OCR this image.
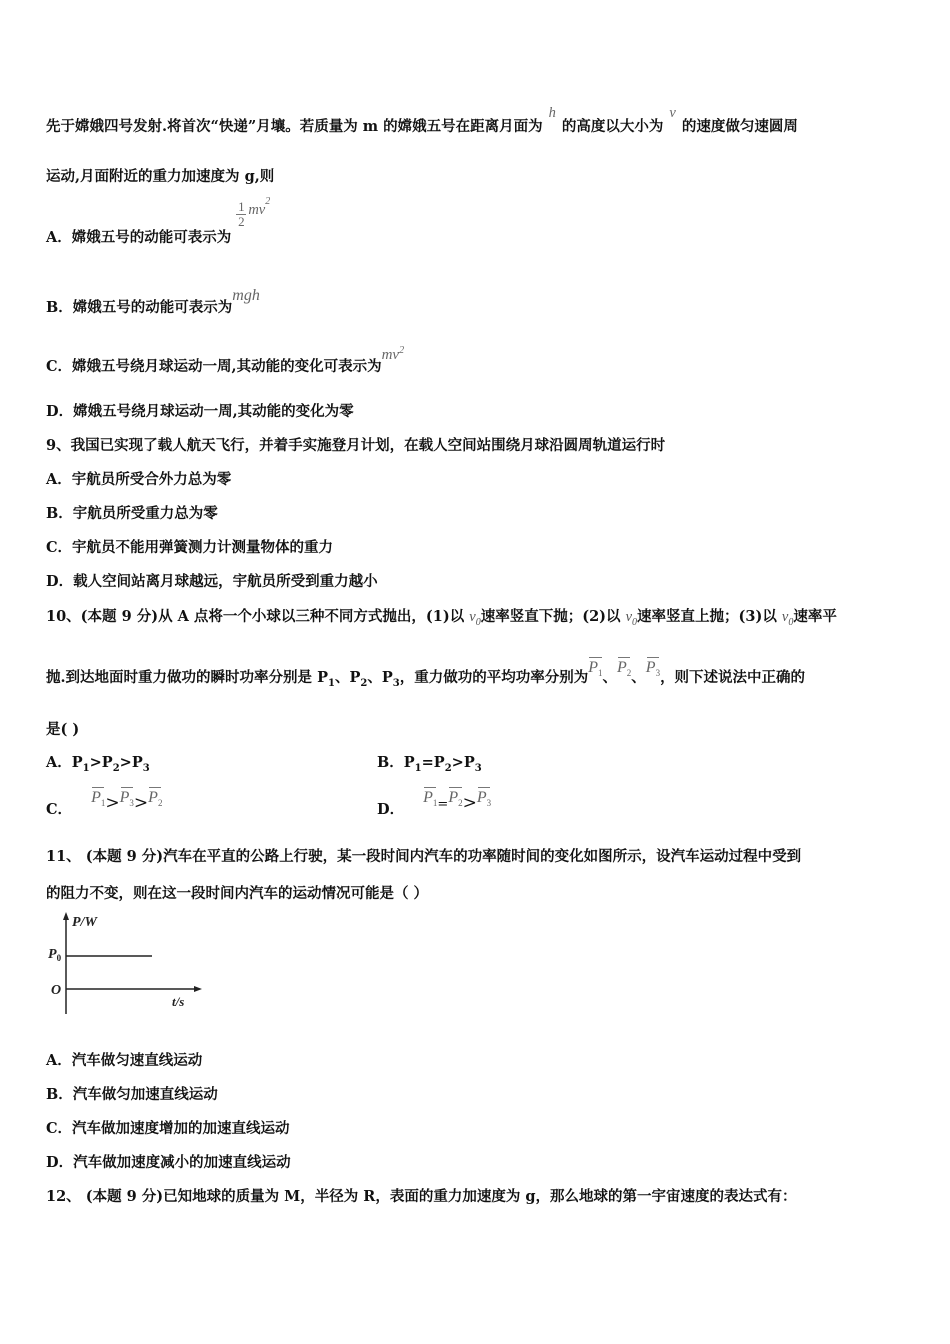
先于嫦娥四号发射.将首次“快递”月壤。若质量为 m 的嫦娥五号在距离月面为h的高度以大小为v的速度做匀速圆周
运动,月面附近的重力加速度为 g,则
A．嫦娥五号的动能可表示为
$\frac{1}{2} mv^2$
B．嫦娥五号的动能可表示为mgh
C．嫦娥五号绕月球运动一周,其动能的变化可表示为$mv^2$
D．嫦娥五号绕月球运动一周,其动能的变化为零
9、我国已实现了载人航天飞行，并着手实施登月计划，在载人空间站围绕月球沿圆周轨道运行时
A．宇航员所受合外力总为零
B．宇航员所受重力总为零
C．宇航员不能用弹簧测力计测量物体的重力
D．载人空间站离月球越远，宇航员所受到重力越小
10、(本题 9 分)从 A 点将一个小球以三种不同方式抛出，(1)以 $v_0$速率竖直下抛；(2)以 $v_0$速率竖直上抛；(3)以 $v_0$速率平
抛.到达地面时重力做功的瞬时功率分别是 $P_1$、$P_2$、$P_3$，重力做功的平均功率分别为$P_1$、$P_2$、$P_3$，则下述说法中正确的
是( )
A．$P_1>P_2>P_3$	B．$P_1=P_2>P_3$
C． $P_1>P_3>P_2$	D． $P_1=P_2>P_3$
11、 (本题 9 分)汽车在平直的公路上行驶，某一段时间内汽车的功率随时间的变化如图所示，设汽车运动过程中受到
的阻力不变，则在这一段时间内汽车的运动情况可能是（ ）
P/W
$P_0$
O
t/s
A．汽车做匀速直线运动
B．汽车做匀加速直线运动
C．汽车做加速度增加的加速直线运动
D．汽车做加速度减小的加速直线运动
12、 (本题 9 分)已知地球的质量为 M，半径为 R，表面的重力加速度为 g，那么地球的第一宇宙速度的表达式有：
